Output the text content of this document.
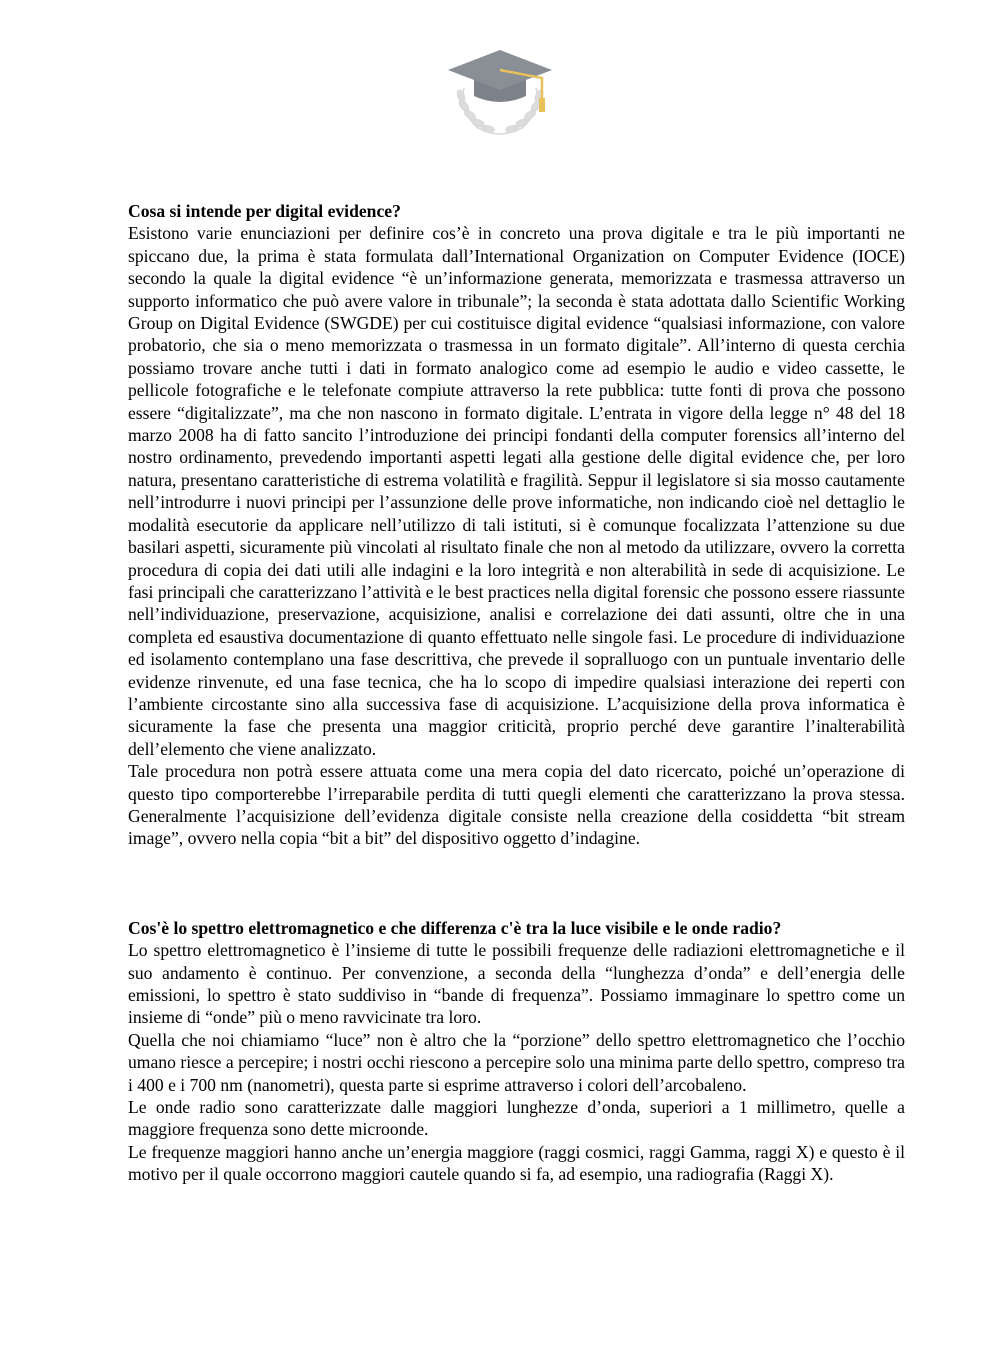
Cosa si intende per digital evidence?

Esistono varie enunciazioni per definire cos’è in concreto una prova digitale e tra le più importanti ne spiccano due, la prima è stata formulata dall’International Organization on Computer Evidence (IOCE) secondo la quale la digital evidence “è un’informazione generata, memorizzata e trasmessa attraverso un supporto informatico che può avere valore in tribunale”; la seconda è stata adottata dallo Scientific Working Group on Digital Evidence (SWGDE) per cui costituisce digital evidence “qualsiasi informazione, con valore probatorio, che sia o meno memorizzata o trasmessa in un formato digitale”. All’interno di questa cerchia possiamo trovare anche tutti i dati in formato analogico come ad esempio le audio e video cassette, le pellicole fotografiche e le telefonate compiute attraverso la rete pubblica: tutte fonti di prova che possono essere “digitalizzate”, ma che non nascono in formato digitale. L’entrata in vigore della legge n° 48 del 18 marzo 2008 ha di fatto sancito l’introduzione dei principi fondanti della computer forensics all’interno del nostro ordinamento, prevedendo importanti aspetti legati alla gestione delle digital evidence che, per loro natura, presentano caratteristiche di estrema volatilità e fragilità. Seppur il legislatore si sia mosso cautamente nell’introdurre i nuovi principi per l’assunzione delle prove informatiche, non indicando cioè nel dettaglio le modalità esecutorie da applicare nell’utilizzo di tali istituti, si è comunque focalizzata l’attenzione su due basilari aspetti, sicuramente più vincolati al risultato finale che non al metodo da utilizzare, ovvero la corretta procedura di copia dei dati utili alle indagini e la loro integrità e non alterabilità in sede di acquisizione. Le fasi principali che caratterizzano l’attività e le best practices nella digital forensic che possono essere riassunte nell’individuazione, preservazione, acquisizione, analisi e correlazione dei dati assunti, oltre che in una completa ed esaustiva documentazione di quanto effettuato nelle singole fasi. Le procedure di individuazione ed isolamento contemplano una fase descrittiva, che prevede il sopralluogo con un puntuale inventario delle evidenze rinvenute, ed una fase tecnica, che ha lo scopo di impedire qualsiasi interazione dei reperti con l’ambiente circostante sino alla successiva fase di acquisizione. L’acquisizione della prova informatica è sicuramente la fase che presenta una maggior criticità, proprio perché deve garantire l’inalterabilità dell’elemento che viene analizzato.

Tale procedura non potrà essere attuata come una mera copia del dato ricercato, poiché un’operazione di questo tipo comporterebbe l’irreparabile perdita di tutti quegli elementi che caratterizzano la prova stessa. Generalmente l’acquisizione dell’evidenza digitale consiste nella creazione della cosiddetta “bit stream image”, ovvero nella copia “bit a bit” del dispositivo oggetto d’indagine.

Cos'è lo spettro elettromagnetico e che differenza c'è tra la luce visibile e le onde radio?

Lo spettro elettromagnetico è l’insieme di tutte le possibili frequenze delle radiazioni elettromagnetiche e il suo andamento è continuo. Per convenzione, a seconda della “lunghezza d’onda” e dell’energia delle emissioni, lo spettro è stato suddiviso in “bande di frequenza”. Possiamo immaginare lo spettro come un insieme di “onde” più o meno ravvicinate tra loro.

Quella che noi chiamiamo “luce” non è altro che la “porzione” dello spettro elettromagnetico che l’occhio umano riesce a percepire; i nostri occhi riescono a percepire solo una minima parte dello spettro, compreso tra i 400 e i 700 nm (nanometri), questa parte si esprime attraverso i colori dell’arcobaleno.

Le onde radio sono caratterizzate dalle maggiori lunghezze d’onda, superiori a 1 millimetro, quelle a maggiore frequenza sono dette microonde.

Le frequenze maggiori hanno anche un’energia maggiore (raggi cosmici, raggi Gamma, raggi X) e questo è il motivo per il quale occorrono maggiori cautele quando si fa, ad esempio, una radiografia (Raggi X).
